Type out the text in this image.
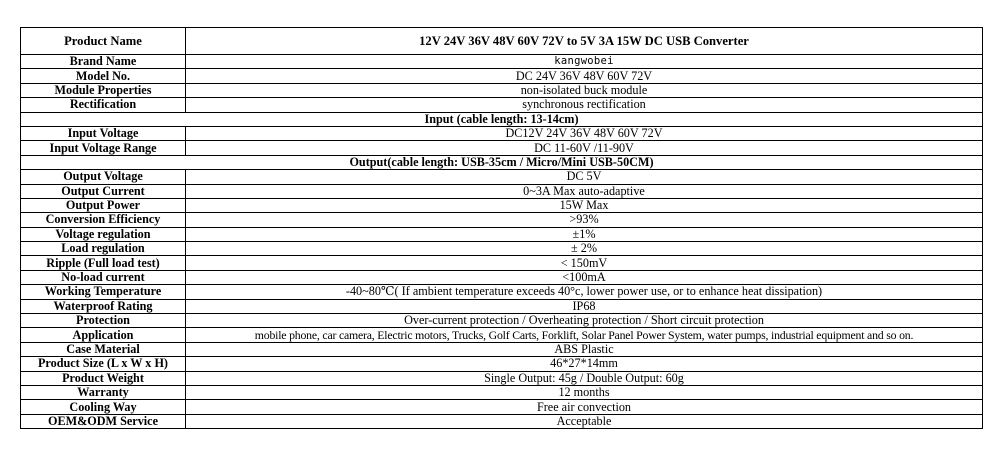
Product Name	12V 24V 36V 48V 60V 72V to 5V 3A 15W DC USB Converter
Brand Name	kangwobei
Model No.	DC 24V 36V 48V 60V 72V
Module Properties	non-isolated buck module
Rectification	synchronous rectification
Input (cable length: 13-14cm)	
Input Voltage	DC12V 24V 36V 48V 60V 72V
Input Voltage Range	DC 11-60V /11-90V
Output(cable length: USB-35cm / Micro/Mini USB-50CM)	
Output Voltage	DC 5V
Output Current	0~3A Max auto-adaptive
Output Power	15W Max
Conversion Efficiency	>93%
Voltage regulation	±1%
Load regulation	± 2%
Ripple (Full load test)	< 150mV
No-load current	<100mA
Working Temperature	-40~80℃( If ambient temperature exceeds 40°c, lower power use, or to enhance heat dissipation)
Waterproof Rating	IP68
Protection	Over-current protection / Overheating protection / Short circuit protection
Application	mobile phone, car camera, Electric motors, Trucks, Golf Carts, Forklift, Solar Panel Power System, water pumps, industrial equipment and so on.
Case Material	ABS Plastic
Product Size (L x W x H)	46*27*14mm
Product Weight	Single Output: 45g / Double Output: 60g
Warranty	12 months
Cooling Way	Free air convection
OEM&ODM Service	Acceptable
